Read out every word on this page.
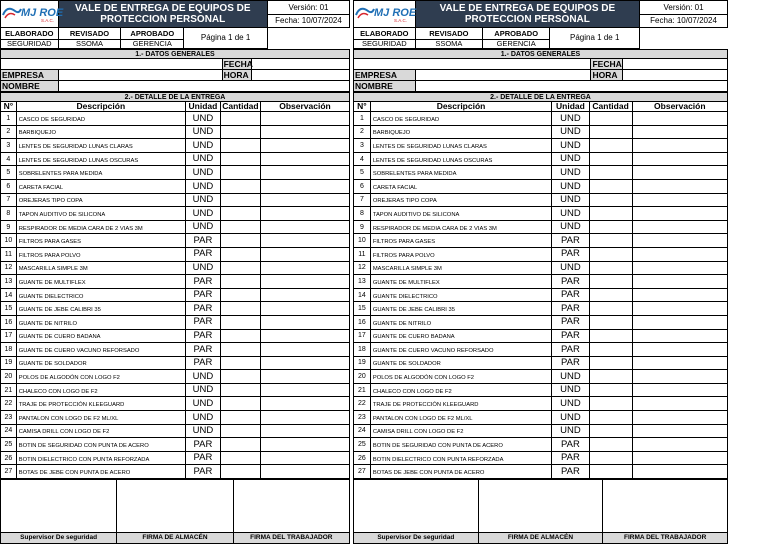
MJ ROE
S.A.C.	VALE DE ENTREGA DE EQUIPOS DE PROTECCION PERSONAL			Versión: 01
				Fecha: 10/07/2024
ELABORADO	REVISADO	APROBADO	Página 1 de 1	
SEGURIDAD	SSOMA	GERENCIA		
1.- DATOS GENERALES			
		FECHA	
EMPRESA		HORA	
NOMBRE			
2.- DETALLE DE LA ENTREGA				
N°	Descripción	Unidad	Cantidad	Observación
1	CASCO DE SEGURIDAD	UND		
2	BARBIQUEJO	UND		
3	LENTES DE SEGURIDAD LUNAS CLARAS	UND		
4	LENTES DE SEGURIDAD LUNAS OSCURAS	UND		
5	SOBRELENTES PARA MEDIDA	UND		
6	CARETA FACIAL	UND		
7	OREJERAS TIPO COPA	UND		
8	TAPON AUDITIVO DE SILICONA	UND		
9	RESPIRADOR DE MEDIA CARA DE 2 VIAS 3M	UND		
10	FILTROS PARA GASES	PAR		
11	FILTROS PARA POLVO	PAR		
12	MASCARILLA SIMPLE 3M	UND		
13	GUANTE DE MULTIFLEX	PAR		
14	GUANTE DIELECTRICO	PAR		
15	GUANTE DE JEBE CALIBRI 35	PAR		
16	GUANTE DE NITRILO	PAR		
17	GUANTE DE CUERO BADANA	PAR		
18	GUANTE DE CUERO VACUNO REFORSADO	PAR		
19	GUANTE DE SOLDADOR	PAR		
20	POLOS DE ALGODÓN CON LOGO F2	UND		
21	CHALECO CON LOGO DE F2	UND		
22	TRAJE DE PROTECCIÓN KLEEGUARD	UND		
23	PANTALON CON LOGO DE F2 ML/XL	UND		
24	CAMISA DRILL CON LOGO DE F2	UND		
25	BOTIN DE SEGURIDAD CON PUNTA DE ACERO	PAR		
26	BOTIN DIELECTRICO CON PUNTA REFORZADA	PAR		
27	BOTAS DE JEBE CON PUNTA DE ACERO	PAR		

Supervisor De seguridad	FIRMA DE ALMACÉN	FIRMA DEL TRABAJADOR
MJ ROE
S.A.C.	VALE DE ENTREGA DE EQUIPOS DE PROTECCION PERSONAL			Versión: 01
				Fecha: 10/07/2024
ELABORADO	REVISADO	APROBADO	Página 1 de 1	
SEGURIDAD	SSOMA	GERENCIA		
1.- DATOS GENERALES			
		FECHA	
EMPRESA		HORA	
NOMBRE			
2.- DETALLE DE LA ENTREGA				
N°	Descripción	Unidad	Cantidad	Observación
1	CASCO DE SEGURIDAD	UND		
2	BARBIQUEJO	UND		
3	LENTES DE SEGURIDAD LUNAS CLARAS	UND		
4	LENTES DE SEGURIDAD LUNAS OSCURAS	UND		
5	SOBRELENTES PARA MEDIDA	UND		
6	CARETA FACIAL	UND		
7	OREJERAS TIPO COPA	UND		
8	TAPON AUDITIVO DE SILICONA	UND		
9	RESPIRADOR DE MEDIA CARA DE 2 VIAS 3M	UND		
10	FILTROS PARA GASES	PAR		
11	FILTROS PARA POLVO	PAR		
12	MASCARILLA SIMPLE 3M	UND		
13	GUANTE DE MULTIFLEX	PAR		
14	GUANTE DIELECTRICO	PAR		
15	GUANTE DE JEBE CALIBRI 35	PAR		
16	GUANTE DE NITRILO	PAR		
17	GUANTE DE CUERO BADANA	PAR		
18	GUANTE DE CUERO VACUNO REFORSADO	PAR		
19	GUANTE DE SOLDADOR	PAR		
20	POLOS DE ALGODÓN CON LOGO F2	UND		
21	CHALECO CON LOGO DE F2	UND		
22	TRAJE DE PROTECCIÓN KLEEGUARD	UND		
23	PANTALON CON LOGO DE F2 ML/XL	UND		
24	CAMISA DRILL CON LOGO DE F2	UND		
25	BOTIN DE SEGURIDAD CON PUNTA DE ACERO	PAR		
26	BOTIN DIELECTRICO CON PUNTA REFORZADA	PAR		
27	BOTAS DE JEBE CON PUNTA DE ACERO	PAR		

Supervisor De seguridad	FIRMA DE ALMACÉN	FIRMA DEL TRABAJADOR
